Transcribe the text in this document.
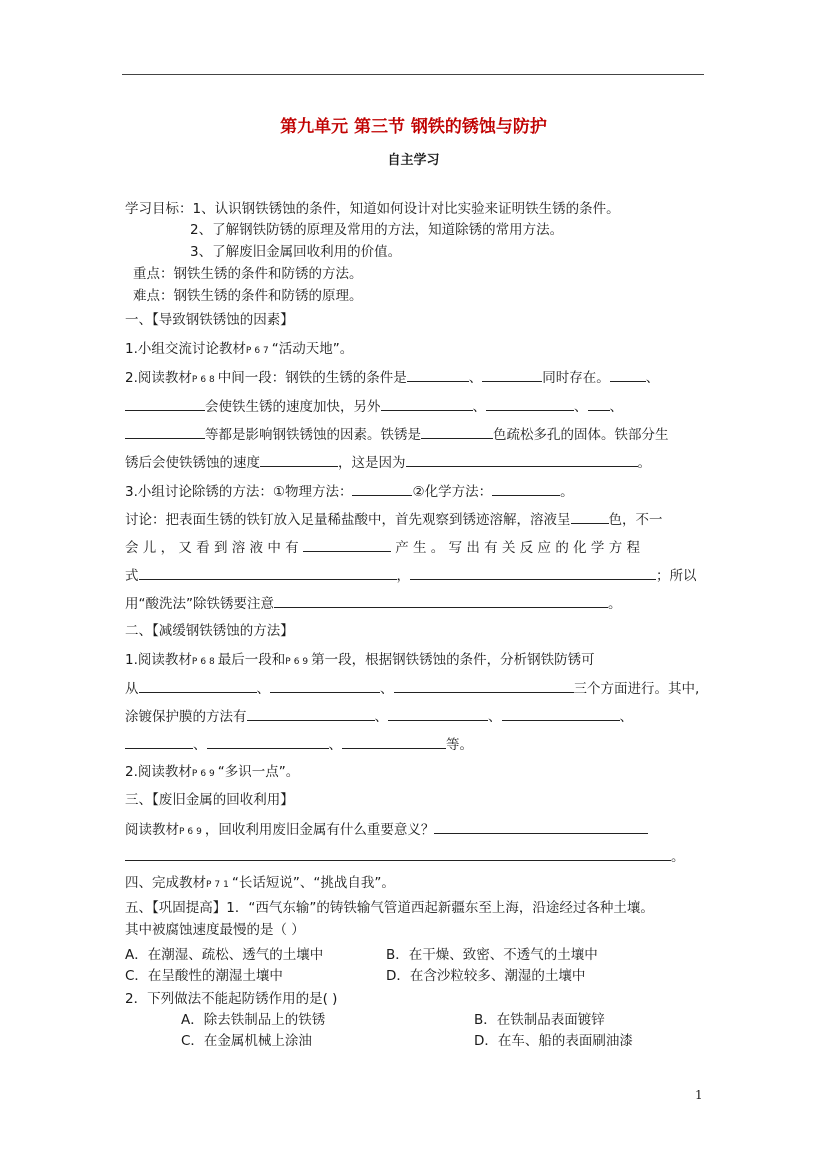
第九单元 第三节 钢铁的锈蚀与防护
自主学习
学习目标：1、认识钢铁锈蚀的条件，知道如何设计对比实验来证明铁生锈的条件。
2、了解钢铁防锈的原理及常用的方法，知道除锈的常用方法。
3、了解废旧金属回收利用的价值。
重点：钢铁生锈的条件和防锈的方法。
难点：钢铁生锈的条件和防锈的原理。
一、【导致钢铁锈蚀的因素】
1.小组交流讨论教材P67“活动天地”。
2.阅读教材P68中间一段：钢铁的生锈的条件是	、	同时存在。	、
会使铁生锈的速度加快，另外	、	、 、
等都是影响钢铁锈蚀的因素。铁锈是	色疏松多孔的固体。铁部分生
锈后会使铁锈蚀的速度	，这是因为	。
3.小组讨论除锈的方法：①物理方法：	②化学方法：	。
讨论：把表面生锈的铁钉放入足量稀盐酸中，首先观察到锈迹溶解，溶液呈	色，不一
会 儿 ， 又 看 到 溶 液 中 有	产 生 。 写 出 有 关 反 应 的 化 学 方 程
式	，	；所以
用“酸洗法”除铁锈要注意	。
二、【减缓钢铁锈蚀的方法】
1.阅读教材P68最后一段和P69第一段，根据钢铁锈蚀的条件，分析钢铁防锈可
从	、	、	三个方面进行。其中,
涂镀保护膜的方法有	、	、	、
、	、	等。
2.阅读教材P69“多识一点”。
三、【废旧金属的回收利用】
阅读教材P69，回收利用废旧金属有什么重要意义？
。
四、完成教材P71“长话短说”、“挑战自我”。
五、【巩固提高】1．“西气东输”的铸铁输气管道西起新疆东至上海，沿途经过各种土壤。
其中被腐蚀速度最慢的是（ ）
A．在潮湿、疏松、透气的土壤中	B．在干燥、致密、不透气的土壤中
C．在呈酸性的潮湿土壤中	D．在含沙粒较多、潮湿的土壤中
2．下列做法不能起防锈作用的是( )
A．除去铁制品上的铁锈	B．在铁制品表面镀锌
C．在金属机械上涂油	D．在车、船的表面刷油漆
1
